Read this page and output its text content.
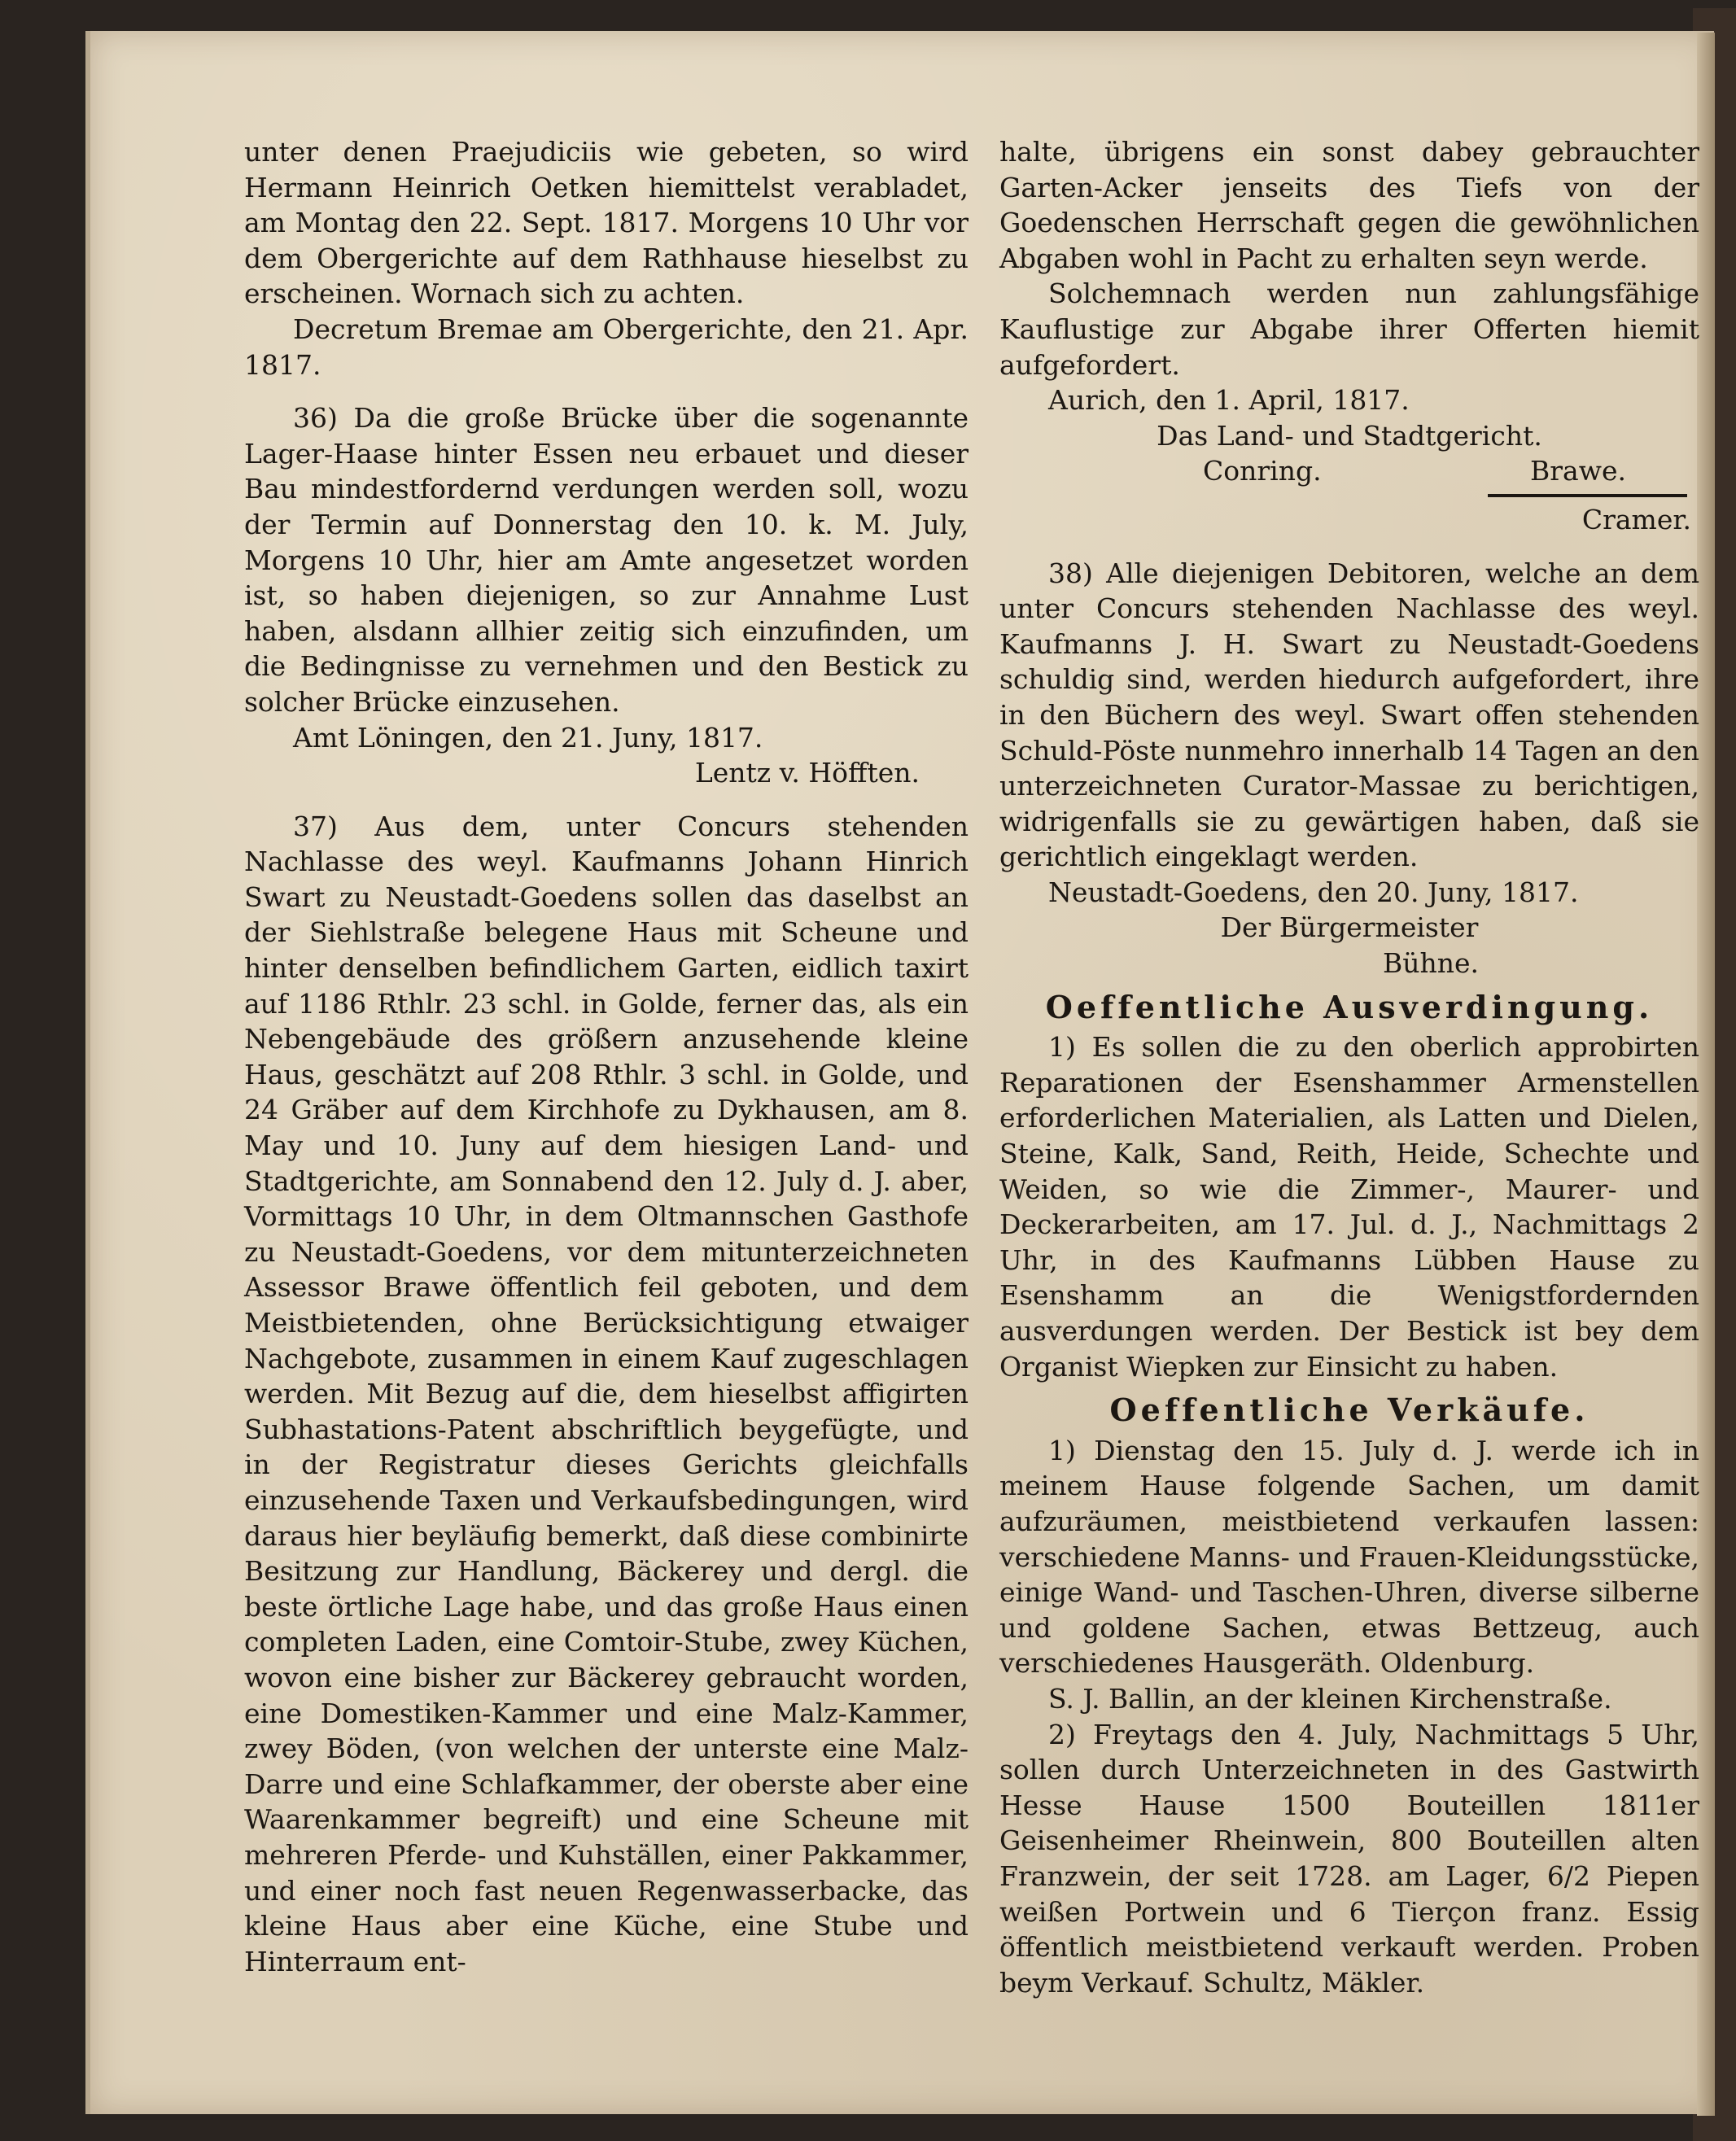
unter denen Praejudiciis wie gebeten, so wird Hermann Heinrich Oetken hiemittelst verabladet, am Montag den 22. Sept. 1817. Morgens 10 Uhr vor dem Obergerichte auf dem Rathhause hieselbst zu erscheinen. Wornach sich zu achten.

Decretum Bremae am Obergerichte, den 21. Apr. 1817.

36) Da die große Brücke über die sogenannte Lager-Haase hinter Essen neu erbauet und dieser Bau mindestfordernd verdungen werden soll, wozu der Termin auf Donnerstag den 10. k. M. July, Morgens 10 Uhr, hier am Amte angesetzet worden ist, so haben diejenigen, so zur Annahme Lust haben, alsdann allhier zeitig sich einzufinden, um die Bedingnisse zu vernehmen und den Bestick zu solcher Brücke einzusehen.

Amt Löningen, den 21. Juny, 1817.

Lentz v. Höfften.

37) Aus dem, unter Concurs stehenden Nachlasse des weyl. Kaufmanns Johann Hinrich Swart zu Neustadt-Goedens sollen das daselbst an der Siehlstraße belegene Haus mit Scheune und hinter denselben befindlichem Garten, eidlich taxirt auf 1186 Rthlr. 23 schl. in Golde, ferner das, als ein Nebengebäude des größern anzusehende kleine Haus, geschätzt auf 208 Rthlr. 3 schl. in Golde, und 24 Gräber auf dem Kirchhofe zu Dykhausen, am 8. May und 10. Juny auf dem hiesigen Land- und Stadtgerichte, am Sonnabend den 12. July d. J. aber, Vormittags 10 Uhr, in dem Oltmannschen Gasthofe zu Neustadt-Goedens, vor dem mitunterzeichneten Assessor Brawe öffentlich feil geboten, und dem Meistbietenden, ohne Berücksichtigung etwaiger Nachgebote, zusammen in einem Kauf zugeschlagen werden. Mit Bezug auf die, dem hieselbst affigirten Subhastations-Patent abschriftlich beygefügte, und in der Registratur dieses Gerichts gleichfalls einzusehende Taxen und Verkaufsbedingungen, wird daraus hier beyläufig bemerkt, daß diese combinirte Besitzung zur Handlung, Bäckerey und dergl. die beste örtliche Lage habe, und das große Haus einen completen Laden, eine Comtoir-Stube, zwey Küchen, wovon eine bisher zur Bäckerey gebraucht worden, eine Domestiken-Kammer und eine Malz-Kammer, zwey Böden, (von welchen der unterste eine Malz-Darre und eine Schlafkammer, der oberste aber eine Waarenkammer begreift) und eine Scheune mit mehreren Pferde- und Kuhställen, einer Pakkammer, und einer noch fast neuen Regenwasserbacke, das kleine Haus aber eine Küche, eine Stube und Hinterraum ent-

halte, übrigens ein sonst dabey gebrauchter Garten-Acker jenseits des Tiefs von der Goedenschen Herrschaft gegen die gewöhnlichen Abgaben wohl in Pacht zu erhalten seyn werde.

Solchemnach werden nun zahlungsfähige Kauflustige zur Abgabe ihrer Offerten hiemit aufgefordert.

Aurich, den 1. April, 1817.

Das Land- und Stadtgericht.

Conring.	Brawe.

Cramer.

38) Alle diejenigen Debitoren, welche an dem unter Concurs stehenden Nachlasse des weyl. Kaufmanns J. H. Swart zu Neustadt-Goedens schuldig sind, werden hiedurch aufgefordert, ihre in den Büchern des weyl. Swart offen stehenden Schuld-Pöste nunmehro innerhalb 14 Tagen an den unterzeichneten Curator-Massae zu berichtigen, widrigenfalls sie zu gewärtigen haben, daß sie gerichtlich eingeklagt werden.

Neustadt-Goedens, den 20. Juny, 1817.

Der Bürgermeister

Bühne.

Oeffentliche Ausverdingung.

1) Es sollen die zu den oberlich approbirten Reparationen der Esenshammer Armenstellen erforderlichen Materialien, als Latten und Dielen, Steine, Kalk, Sand, Reith, Heide, Schechte und Weiden, so wie die Zimmer-, Maurer- und Deckerarbeiten, am 17. Jul. d. J., Nachmittags 2 Uhr, in des Kaufmanns Lübben Hause zu Esenshamm an die Wenigstfordernden ausverdungen werden. Der Bestick ist bey dem Organist Wiepken zur Einsicht zu haben.

Oeffentliche Verkäufe.

1) Dienstag den 15. July d. J. werde ich in meinem Hause folgende Sachen, um damit aufzuräumen, meistbietend verkaufen lassen: verschiedene Manns- und Frauen-Kleidungsstücke, einige Wand- und Taschen-Uhren, diverse silberne und goldene Sachen, etwas Bettzeug, auch verschiedenes Hausgeräth. Oldenburg.

S. J. Ballin, an der kleinen Kirchenstraße.

2) Freytags den 4. July, Nachmittags 5 Uhr, sollen durch Unterzeichneten in des Gastwirth Hesse Hause 1500 Bouteillen 1811er Geisenheimer Rheinwein, 800 Bouteillen alten Franzwein, der seit 1728. am Lager, 6/2 Piepen weißen Portwein und 6 Tierçon franz. Essig öffentlich meistbietend verkauft werden. Proben beym Verkauf. Schultz, Mäkler.
